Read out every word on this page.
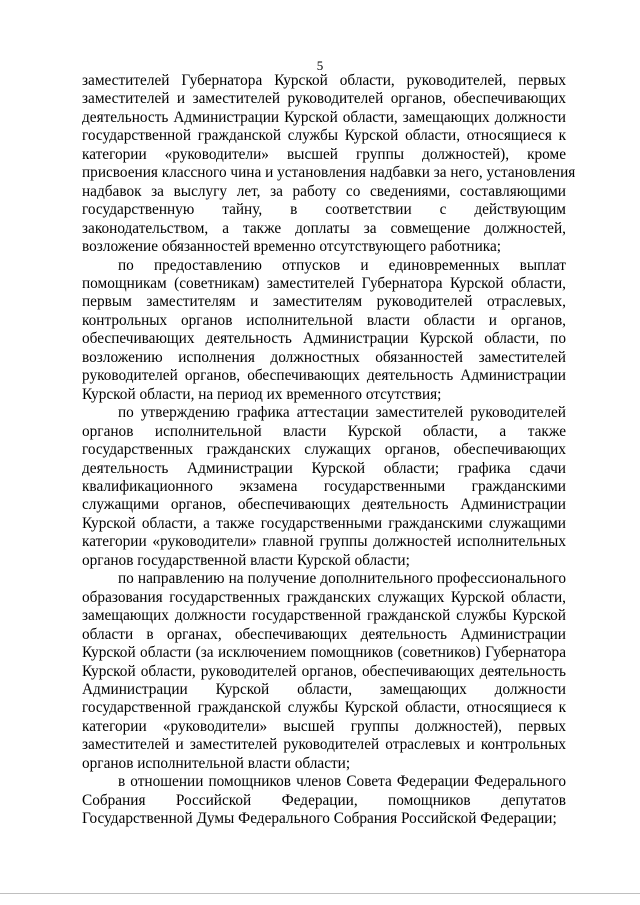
5
заместителей Губернатора Курской области, руководителей, первых
заместителей и заместителей руководителей органов, обеспечивающих
деятельность Администрации Курской области, замещающих должности
государственной гражданской службы Курской области, относящиеся к
категории «руководители» высшей группы должностей), кроме
присвоения классного чина и установления надбавки за него, установления
надбавок за выслугу лет, за работу со сведениями, составляющими
государственную тайну, в соответствии с действующим
законодательством, а также доплаты за совмещение должностей,
возложение обязанностей временно отсутствующего работника;
по предоставлению отпусков и единовременных выплат
помощникам (советникам) заместителей Губернатора Курской области,
первым заместителям и заместителям руководителей отраслевых,
контрольных органов исполнительной власти области и органов,
обеспечивающих деятельность Администрации Курской области, по
возложению исполнения должностных обязанностей заместителей
руководителей органов, обеспечивающих деятельность Администрации
Курской области, на период их временного отсутствия;
по утверждению графика аттестации заместителей руководителей
органов исполнительной власти Курской области, а также
государственных гражданских служащих органов, обеспечивающих
деятельность Администрации Курской области; графика сдачи
квалификационного экзамена государственными гражданскими
служащими органов, обеспечивающих деятельность Администрации
Курской области, а также государственными гражданскими служащими
категории «руководители» главной группы должностей исполнительных
органов государственной власти Курской области;
по направлению на получение дополнительного профессионального
образования государственных гражданских служащих Курской области,
замещающих должности государственной гражданской службы Курской
области в органах, обеспечивающих деятельность Администрации
Курской области (за исключением помощников (советников) Губернатора
Курской области, руководителей органов, обеспечивающих деятельность
Администрации Курской области, замещающих должности
государственной гражданской службы Курской области, относящиеся к
категории «руководители» высшей группы должностей), первых
заместителей и заместителей руководителей отраслевых и контрольных
органов исполнительной власти области;
в отношении помощников членов Совета Федерации Федерального
Собрания Российской Федерации, помощников депутатов
Государственной Думы Федерального Собрания Российской Федерации;
